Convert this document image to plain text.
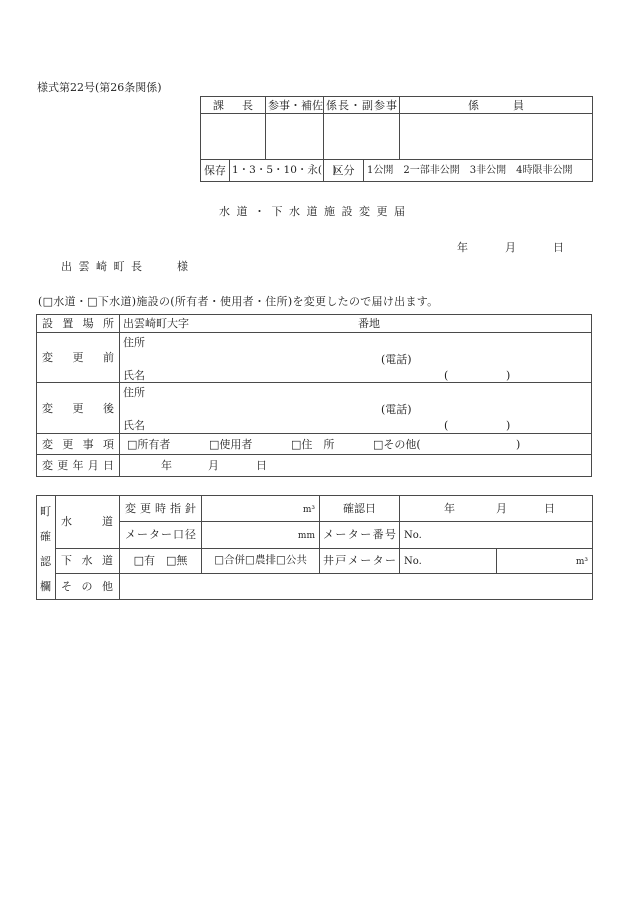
様式第22号(第26条関係)
課長		参事・補佐	係長・副参事		係員

保存	1・3・5・10・永(　)		区分	1公開　2一部非公開　3非公開　4時限非公開	
水道・下水道施設変更届
年	月	日
出雲崎町長	様
(□水道・□下水道)施設の(所有者・使用者・住所)を変更したので届け出ます。
設置場所	出雲崎町大字 番地

変更前	住所
(電話)
氏名 ( )

変更後	住所
(電話)
氏名 ( )

変更事項	□所有者 □使用者 □住　所 □その他( )

変更年月日	年 月 日
町確認欄	水道	変更時指針	m³	確認日	年 月 日	

		メーター口径	mm	メーター番号	No.	
	下水道	□有　□無	□合併□農排□公共	井戸メーター	No.	m³
	その他					
